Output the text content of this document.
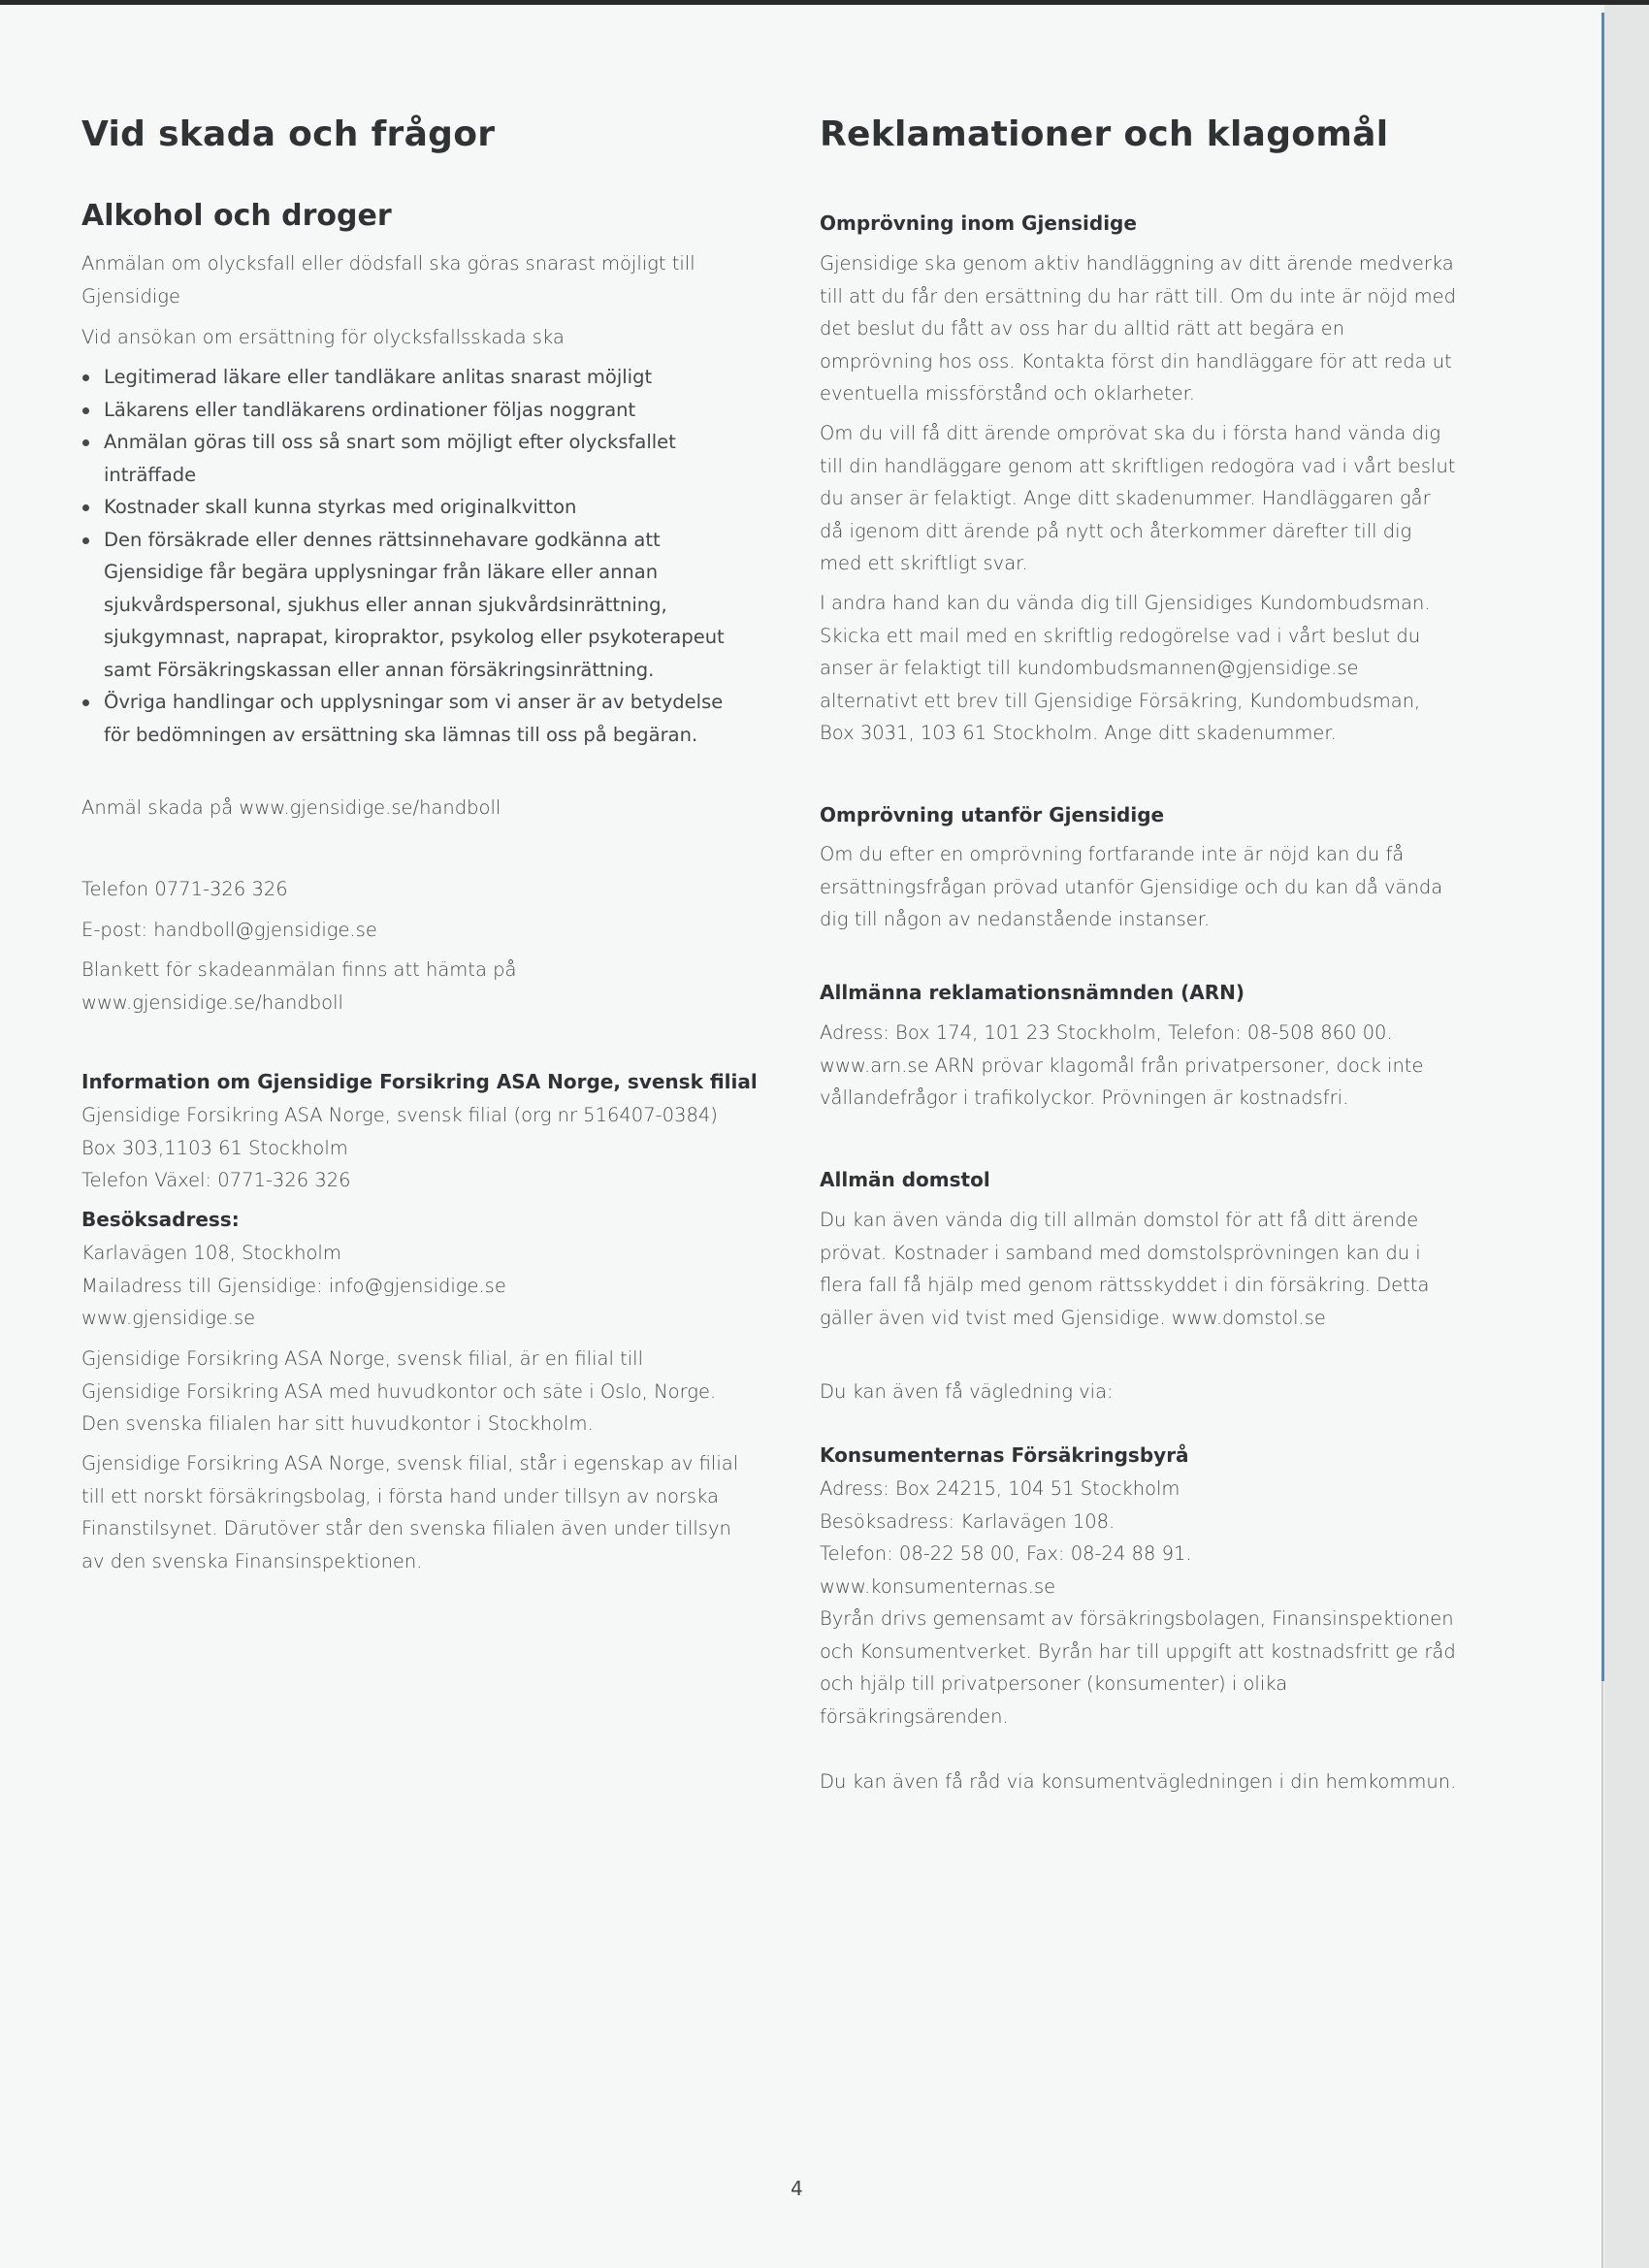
Vid skada och frågor
Alkohol och droger
Anmälan om olycksfall eller dödsfall ska göras snarast möjligt till
Gjensidige
Vid ansökan om ersättning för olycksfallsskada ska
Legitimerad läkare eller tandläkare anlitas snarast möjligt
Läkarens eller tandläkarens ordinationer följas noggrant
Anmälan göras till oss så snart som möjligt efter olycksfallet
inträffade
Kostnader skall kunna styrkas med originalkvitton
Den försäkrade eller dennes rättsinnehavare godkänna att
Gjensidige får begära upplysningar från läkare eller annan
sjukvårdspersonal, sjukhus eller annan sjukvårdsinrättning,
sjukgymnast, naprapat, kiropraktor, psykolog eller psykoterapeut
samt Försäkringskassan eller annan försäkringsinrättning.
Övriga handlingar och upplysningar som vi anser är av betydelse
för bedömningen av ersättning ska lämnas till oss på begäran.
Anmäl skada på www.gjensidige.se/handboll
Telefon 0771-326 326
E-post: handboll@gjensidige.se
Blankett för skadeanmälan finns att hämta på
www.gjensidige.se/handboll
Information om Gjensidige Forsikring ASA Norge, svensk filial
Gjensidige Forsikring ASA Norge, svensk filial (org nr 516407-0384)
Box 303,1103 61 Stockholm
Telefon Växel: 0771-326 326
Besöksadress:
Karlavägen 108, Stockholm
Mailadress till Gjensidige: info@gjensidige.se
www.gjensidige.se
Gjensidige Forsikring ASA Norge, svensk filial, är en filial till
Gjensidige Forsikring ASA med huvudkontor och säte i Oslo, Norge.
Den svenska filialen har sitt huvudkontor i Stockholm.
Gjensidige Forsikring ASA Norge, svensk filial, står i egenskap av filial
till ett norskt försäkringsbolag, i första hand under tillsyn av norska
Finanstilsynet. Därutöver står den svenska filialen även under tillsyn
av den svenska Finansinspektionen.
Reklamationer och klagomål
Omprövning inom Gjensidige
Gjensidige ska genom aktiv handläggning av ditt ärende medverka
till att du får den ersättning du har rätt till. Om du inte är nöjd med
det beslut du fått av oss har du alltid rätt att begära en
omprövning hos oss. Kontakta först din handläggare för att reda ut
eventuella missförstånd och oklarheter.
Om du vill få ditt ärende omprövat ska du i första hand vända dig
till din handläggare genom att skriftligen redogöra vad i vårt beslut
du anser är felaktigt. Ange ditt skadenummer. Handläggaren går
då igenom ditt ärende på nytt och återkommer därefter till dig
med ett skriftligt svar.
I andra hand kan du vända dig till Gjensidiges Kundombudsman.
Skicka ett mail med en skriftlig redogörelse vad i vårt beslut du
anser är felaktigt till kundombudsmannen@gjensidige.se
alternativt ett brev till Gjensidige Försäkring, Kundombudsman,
Box 3031, 103 61 Stockholm. Ange ditt skadenummer.
Omprövning utanför Gjensidige
Om du efter en omprövning fortfarande inte är nöjd kan du få
ersättningsfrågan prövad utanför Gjensidige och du kan då vända
dig till någon av nedanstående instanser.
Allmänna reklamationsnämnden (ARN)
Adress: Box 174, 101 23 Stockholm, Telefon: 08-508 860 00.
www.arn.se ARN prövar klagomål från privatpersoner, dock inte
vållandefrågor i trafikolyckor. Prövningen är kostnadsfri.
Allmän domstol
Du kan även vända dig till allmän domstol för att få ditt ärende
prövat. Kostnader i samband med domstolsprövningen kan du i
flera fall få hjälp med genom rättsskyddet i din försäkring. Detta
gäller även vid tvist med Gjensidige. www.domstol.se
Du kan även få vägledning via:
Konsumenternas Försäkringsbyrå
Adress: Box 24215, 104 51 Stockholm
Besöksadress: Karlavägen 108.
Telefon: 08-22 58 00, Fax: 08-24 88 91.
www.konsumenternas.se
Byrån drivs gemensamt av försäkringsbolagen, Finansinspektionen
och Konsumentverket. Byrån har till uppgift att kostnadsfritt ge råd
och hjälp till privatpersoner (konsumenter) i olika
försäkringsärenden.
Du kan även få råd via konsumentvägledningen i din hemkommun.
4
